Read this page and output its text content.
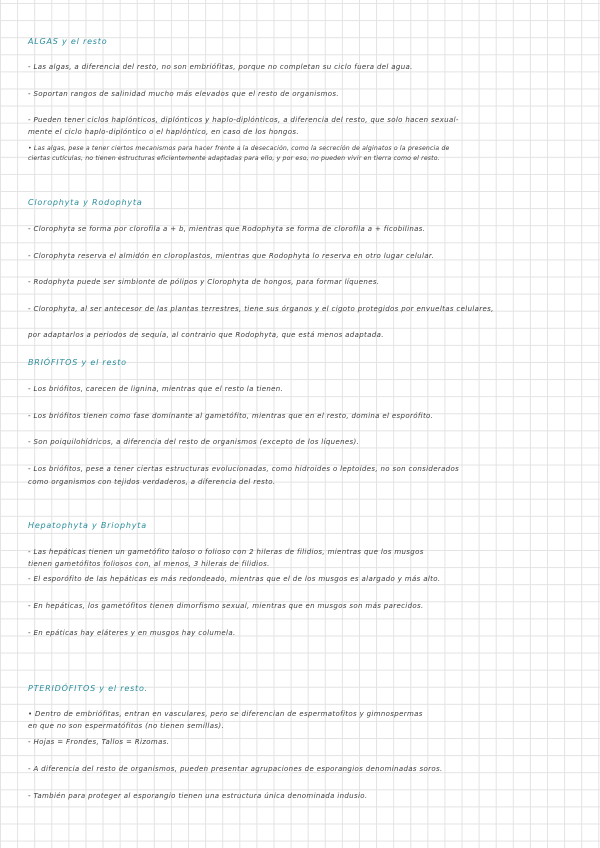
ALGAS y el resto
- Las algas, a diferencia del resto, no son embriófitas, porque no completan su ciclo fuera del agua.
- Soportan rangos de salinidad mucho más elevados que el resto de organismos.
- Pueden tener ciclos haplónticos, diplónticos y haplo-diplónticos, a diferencia del resto, que solo hacen sexual-
mente el ciclo haplo-diplóntico o el haplóntico, en caso de los hongos.
• Las algas, pese a tener ciertos mecanismos para hacer frente a la desecación, como la secreción de alginatos o la presencia de
ciertas cutículas, no tienen estructuras eficientemente adaptadas para ello, y por eso, no pueden vivir en tierra como el resto.
Clorophyta y Rodophyta
- Clorophyta se forma por clorofila a + b, mientras que Rodophyta se forma de clorofila a + ficobilinas.
- Clorophyta reserva el almidón en cloroplastos, mientras que Rodophyta lo reserva en otro lugar celular.
- Rodophyta puede ser simbionte de pólipos y Clorophyta de hongos, para formar líquenes.
- Clorophyta, al ser antecesor de las plantas terrestres, tiene sus órganos y el cigoto protegidos por envueltas celulares,
por adaptarlos a periodos de sequía, al contrario que Rodophyta, que está menos adaptada.
BRIÓFITOS y el resto
- Los briófitos, carecen de lignina, mientras que el resto la tienen.
- Los briófitos tienen como fase dominante al gametófito, mientras que en el resto, domina el esporófito.
- Son poiquilohídricos, a diferencia del resto de organismos (excepto de los líquenes).
- Los briófitos, pese a tener ciertas estructuras evolucionadas, como hidroides o leptoides, no son considerados
como organismos con tejidos verdaderos, a diferencia del resto.
Hepatophyta y Briophyta
- Las hepáticas tienen un gametófito taloso o folioso con 2 hileras de filidios, mientras que los musgos
tienen gametófitos foliosos con, al menos, 3 hileras de filidios.
- El esporófito de las hepáticas es más redondeado, mientras que el de los musgos es alargado y más alto.
- En hepáticas, los gametófitos tienen dimorfismo sexual, mientras que en musgos son más parecidos.
- En epáticas hay eláteres y en musgos hay columela.
PTERIDÓFITOS y el resto.
• Dentro de embriófitas, entran en vasculares, pero se diferencian de espermatofitos y gimnospermas
en que no son espermatófitos (no tienen semillas).
- Hojas = Frondes, Tallos = Rizomas.
- A diferencia del resto de organismos, pueden presentar agrupaciones de esporangios denominadas soros.
- También para proteger al esporangio tienen una estructura única denominada indusio.
